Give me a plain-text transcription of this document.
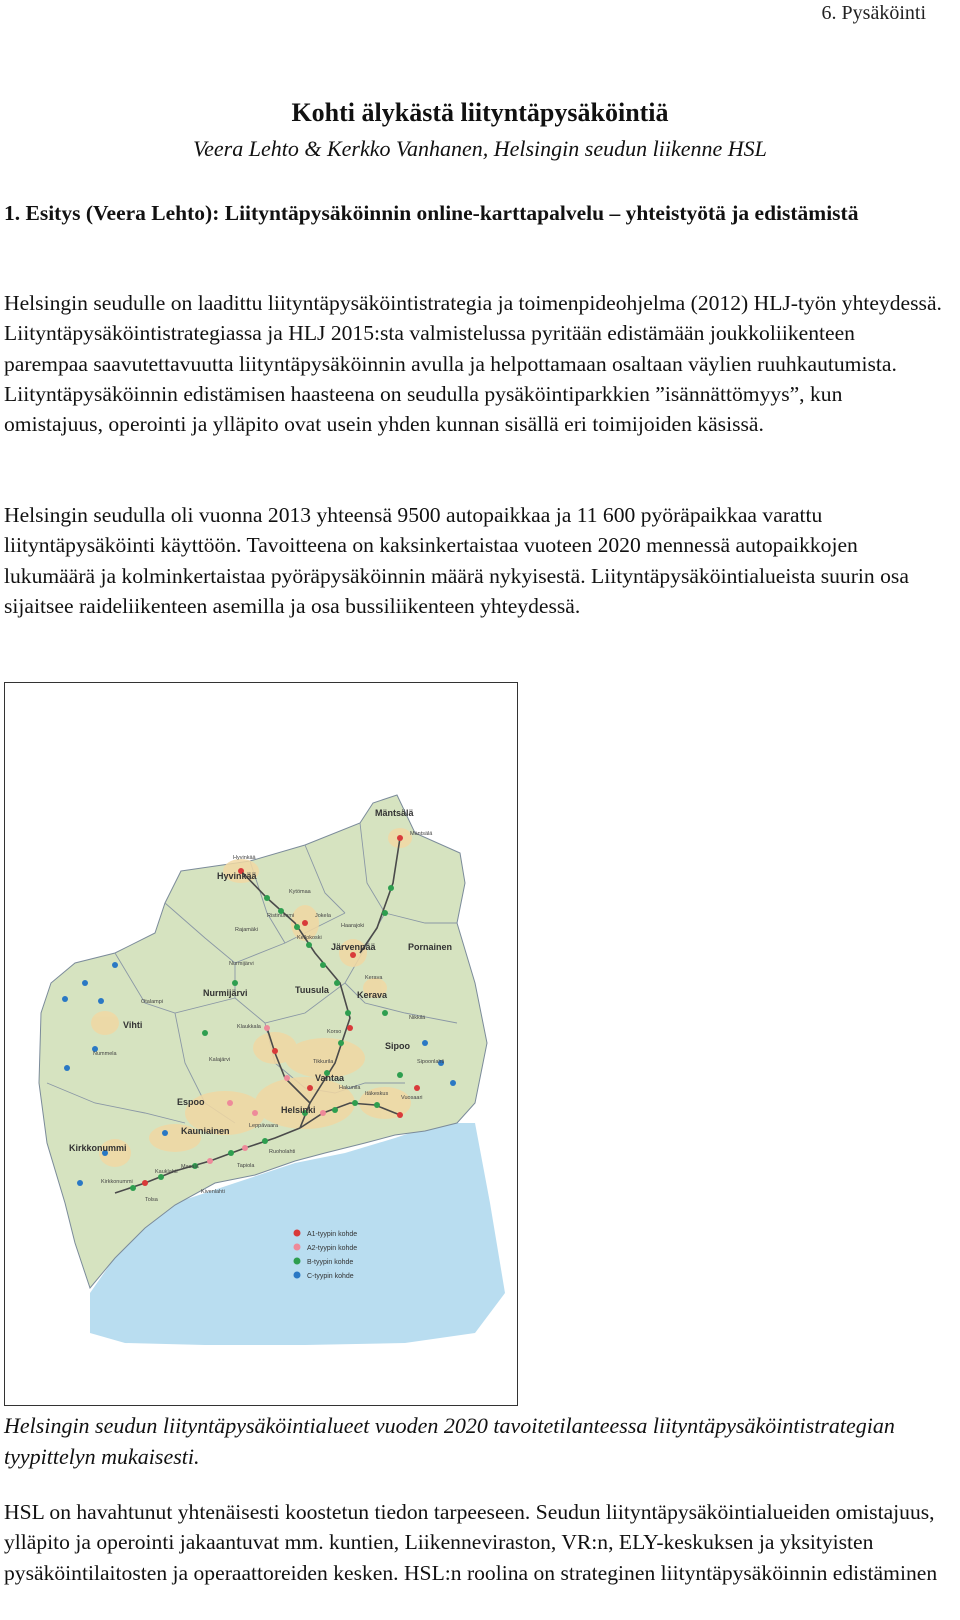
6. Pysäköinti
Kohti älykästä liityntäpysäköintiä
Veera Lehto & Kerkko Vanhanen, Helsingin seudun liikenne HSL
1. Esitys (Veera Lehto): Liityntäpysäköinnin online-karttapalvelu – yhteistyötä ja edistämistä

Helsingin seudulle on laadittu liityntäpysäköintistrategia ja toimenpideohjelma (2012) HLJ-työn yhteydessä. Liityntäpysäköintistrategiassa ja HLJ 2015:sta valmistelussa pyritään edistämään joukkoliikenteen parempaa saavutettavuutta liityntäpysäköinnin avulla ja helpottamaan osaltaan väylien ruuhkautumista. Liityntäpysäköinnin edistämisen haasteena on seudulla pysäköintiparkkien ”isännättömyys”, kun omistajuus, operointi ja ylläpito ovat usein yhden kunnan sisällä eri toimijoiden käsissä.

Helsingin seudulla oli vuonna 2013 yhteensä 9500 autopaikkaa ja 11 600 pyöräpaikkaa varattu liityntäpysäköinti käyttöön. Tavoitteena on kaksinkertaistaa vuoteen 2020 mennessä autopaikkojen lukumäärä ja kolminkertaistaa pyöräpysäköinnin määrä nykyisestä. Liityntäpysäköintialueista suurin osa sijaitsee raideliikenteen asemilla ja osa bussiliikenteen yhteydessä.

Mäntsälä
Hyvinkää
Järvenpää	Pornainen
Nurmijärvi	Tuusula	Kerava
Vihti
Sipoo
Espoo
Helsinki
Vantaa
Kauniainen
Kirkkonummi
Hyvinkää
Mäntsälä
Kytömaa
Ristinummi
Rajamäki
Jokela
Haarajoki
Kellokoski
Nurmijärvi
Klaukkala
Otalampi
Nummela
Korso
Tikkurila
Kalajärvi
Leppävaara
Kerava
Nikkilä
Masala
Kivenlahti
Tapiola
Vuosaari
Itäkeskus
Ruoholahti
Kirkkonummi
Tolsa
Kauklahti
Sipoonlahti
Hakunila
A1-tyypin kohde
A2-tyypin kohde
B-tyypin kohde
C-tyypin kohde

Helsingin seudun liityntäpysäköintialueet vuoden 2020 tavoitetilanteessa liityntäpysäköintistrategian tyypittelyn mukaisesti.

HSL on havahtunut yhtenäisesti koostetun tiedon tarpeeseen. Seudun liityntäpysäköintialueiden omistajuus, ylläpito ja operointi jakaantuvat mm. kuntien, Liikenneviraston, VR:n, ELY-keskuksen ja yksityisten pysäköintilaitosten ja operaattoreiden kesken. HSL:n roolina on strateginen liityntäpysäköinnin edistäminen
